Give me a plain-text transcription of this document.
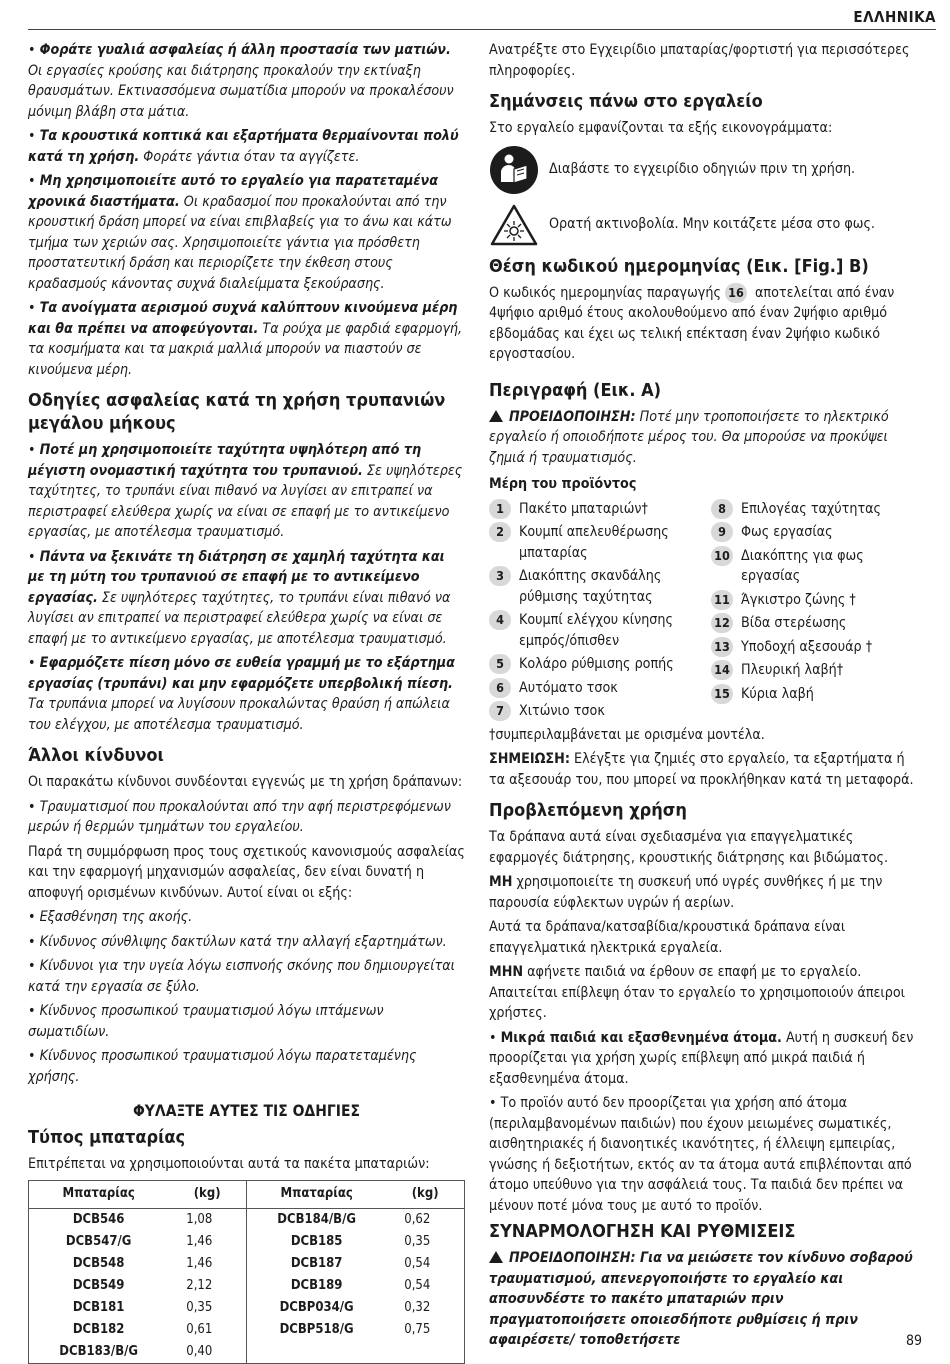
ΕΛΛΗΝΙΚΑ

• Φοράτε γυαλιά ασφαλείας ή άλλη προστασία των ματιών.
Οι εργασίες κρούσης και διάτρησης προκαλούν την εκτίναξη θραυσμάτων. Εκτινασσόμενα σωματίδια μπορούν να προκαλέσουν μόνιμη βλάβη στα μάτια.

• Τα κρουστικά κοπτικά και εξαρτήματα θερμαίνονται πολύ κατά τη χρήση. Φοράτε γάντια όταν τα αγγίζετε.

• Μη χρησιμοποιείτε αυτό το εργαλείο για παρατεταμένα χρονικά διαστήματα. Οι κραδασμοί που προκαλούνται από την κρουστική δράση μπορεί να είναι επιβλαβείς για το άνω και κάτω τμήμα των χεριών σας. Χρησιμοποιείτε γάντια για πρόσθετη προστατευτική δράση και περιορίζετε την έκθεση στους κραδασμούς κάνοντας συχνά διαλείμματα ξεκούρασης.

• Τα ανοίγματα αερισμού συχνά καλύπτουν κινούμενα μέρη και θα πρέπει να αποφεύγονται. Τα ρούχα με φαρδιά εφαρμογή, τα κοσμήματα και τα μακριά μαλλιά μπορούν να πιαστούν σε κινούμενα μέρη.

Οδηγίες ασφαλείας κατά τη χρήση τρυπανιών μεγάλου μήκους

• Ποτέ μη χρησιμοποιείτε ταχύτητα υψηλότερη από τη μέγιστη ονομαστική ταχύτητα του τρυπανιού. Σε υψηλότερες ταχύτητες, το τρυπάνι είναι πιθανό να λυγίσει αν επιτραπεί να περιστραφεί ελεύθερα χωρίς να είναι σε επαφή με το αντικείμενο εργασίας, με αποτέλεσμα τραυματισμό.

• Πάντα να ξεκινάτε τη διάτρηση σε χαμηλή ταχύτητα και με τη μύτη του τρυπανιού σε επαφή με το αντικείμενο εργασίας. Σε υψηλότερες ταχύτητες, το τρυπάνι είναι πιθανό να λυγίσει αν επιτραπεί να περιστραφεί ελεύθερα χωρίς να είναι σε επαφή με το αντικείμενο εργασίας, με αποτέλεσμα τραυματισμό.

• Εφαρμόζετε πίεση μόνο σε ευθεία γραμμή με το εξάρτημα εργασίας (τρυπάνι) και μην εφαρμόζετε υπερβολική πίεση. Τα τρυπάνια μπορεί να λυγίσουν προκαλώντας θραύση ή απώλεια του ελέγχου, με αποτέλεσμα τραυματισμό.

Άλλοι κίνδυνοι

Οι παρακάτω κίνδυνοι συνδέονται εγγενώς με τη χρήση δράπανων:

• Τραυματισμοί που προκαλούνται από την αφή περιστρεφόμενων μερών ή θερμών τμημάτων του εργαλείου.

Παρά τη συμμόρφωση προς τους σχετικούς κανονισμούς ασφαλείας και την εφαρμογή μηχανισμών ασφαλείας, δεν είναι δυνατή η αποφυγή ορισμένων κινδύνων. Αυτοί είναι οι εξής:

• Εξασθένηση της ακοής.

• Κίνδυνος σύνθλιψης δακτύλων κατά την αλλαγή εξαρτημάτων.

• Κίνδυνοι για την υγεία λόγω εισπνοής σκόνης που δημιουργείται κατά την εργασία σε ξύλο.

• Κίνδυνος προσωπικού τραυματισμού λόγω ιπτάμενων σωματιδίων.

• Κίνδυνος προσωπικού τραυματισμού λόγω παρατεταμένης χρήσης.

ΦΥΛΑΞΤΕ ΑΥΤΕΣ ΤΙΣ ΟΔΗΓΙΕΣ
Τύπος μπαταρίας

Επιτρέπεται να χρησιμοποιούνται αυτά τα πακέτα μπαταριών:

Μπαταρίας	(kg)	Μπαταρίας	(kg)
DCB546	1,08	DCB184/B/G	0,62
DCB547/G	1,46	DCB185	0,35
DCB548	1,46	DCB187	0,54
DCB549	2,12	DCB189	0,54
DCB181	0,35	DCBP034/G	0,32
DCB182	0,61	DCBP518/G	0,75
DCB183/B/G	0,40		

Ανατρέξτε στο Εγχειρίδιο μπαταρίας/φορτιστή για περισσότερες πληροφορίες.

Σημάνσεις πάνω στο εργαλείο

Στο εργαλείο εμφανίζονται τα εξής εικονογράμματα:

Διαβάστε το εγχειρίδιο οδηγιών πριν τη χρήση.
Ορατή ακτινοβολία. Μην κοιτάζετε μέσα στο φως.
Θέση κωδικού ημερομηνίας (Εικ. [Fig.] B)

Ο κωδικός ημερομηνίας παραγωγής 16 αποτελείται από έναν 4ψήφιο αριθμό έτους ακολουθούμενο από έναν 2ψήφιο αριθμό εβδομάδας και έχει ως τελική επέκταση έναν 2ψήφιο κωδικό εργοστασίου.

Περιγραφή (Εικ. A)

ΠΡΟΕΙΔΟΠΟΙΗΣΗ: Ποτέ μην τροποποιήσετε το ηλεκτρικό εργαλείο ή οποιοδήποτε μέρος του. Θα μπορούσε να προκύψει ζημιά ή τραυματισμός.

Μέρη του προϊόντος
1	Πακέτο μπαταριών†
2	Κουμπί απελευθέρωσης μπαταρίας
3	Διακόπτης σκανδάλης ρύθμισης ταχύτητας
4	Κουμπί ελέγχου κίνησης εμπρός/όπισθεν
5	Κολάρο ρύθμισης ροπής
6	Αυτόματο τσοκ
7	Χιτώνιο τσοκ
8	Επιλογέας ταχύτητας
9	Φως εργασίας
10 Διακόπτης για φως εργασίας
11 Άγκιστρο ζώνης †
12 Βίδα στερέωσης
13 Υποδοχή αξεσουάρ †
14 Πλευρική λαβή†
15 Κύρια λαβή

†συμπεριλαμβάνεται με ορισμένα μοντέλα.

ΣΗΜΕΙΩΣΗ: Ελέγξτε για ζημιές στο εργαλείο, τα εξαρτήματα ή τα αξεσουάρ του, που μπορεί να προκλήθηκαν κατά τη μεταφορά.

Προβλεπόμενη χρήση

Τα δράπανα αυτά είναι σχεδιασμένα για επαγγελματικές εφαρμογές διάτρησης, κρουστικής διάτρησης και βιδώματος.

ΜΗ χρησιμοποιείτε τη συσκευή υπό υγρές συνθήκες ή με την παρουσία εύφλεκτων υγρών ή αερίων.

Αυτά τα δράπανα/κατσαβίδια/κρουστικά δράπανα είναι επαγγελματικά ηλεκτρικά εργαλεία.

ΜΗΝ αφήνετε παιδιά να έρθουν σε επαφή με το εργαλείο. Απαιτείται επίβλεψη όταν το εργαλείο το χρησιμοποιούν άπειροι χρήστες.

• Μικρά παιδιά και εξασθενημένα άτομα. Αυτή η συσκευή δεν προορίζεται για χρήση χωρίς επίβλεψη από μικρά παιδιά ή εξασθενημένα άτομα.

• Το προϊόν αυτό δεν προορίζεται για χρήση από άτομα (περιλαμβανομένων παιδιών) που έχουν μειωμένες σωματικές, αισθητηριακές ή διανοητικές ικανότητες, ή έλλειψη εμπειρίας, γνώσης ή δεξιοτήτων, εκτός αν τα άτομα αυτά επιβλέπονται από άτομο υπεύθυνο για την ασφάλειά τους. Τα παιδιά δεν πρέπει να μένουν ποτέ μόνα τους με αυτό το προϊόν.

ΣΥΝΑΡΜΟΛΟΓΗΣΗ ΚΑΙ ΡΥΘΜΙΣΕΙΣ

ΠΡΟΕΙΔΟΠΟΙΗΣΗ: Για να μειώσετε τον κίνδυνο σοβαρού τραυματισμού, απενεργοποιήστε το εργαλείο και αποσυνδέστε το πακέτο μπαταριών πριν πραγματοποιήσετε οποιεσδήποτε ρυθμίσεις ή πριν αφαιρέσετε/ τοποθετήσετε	89
